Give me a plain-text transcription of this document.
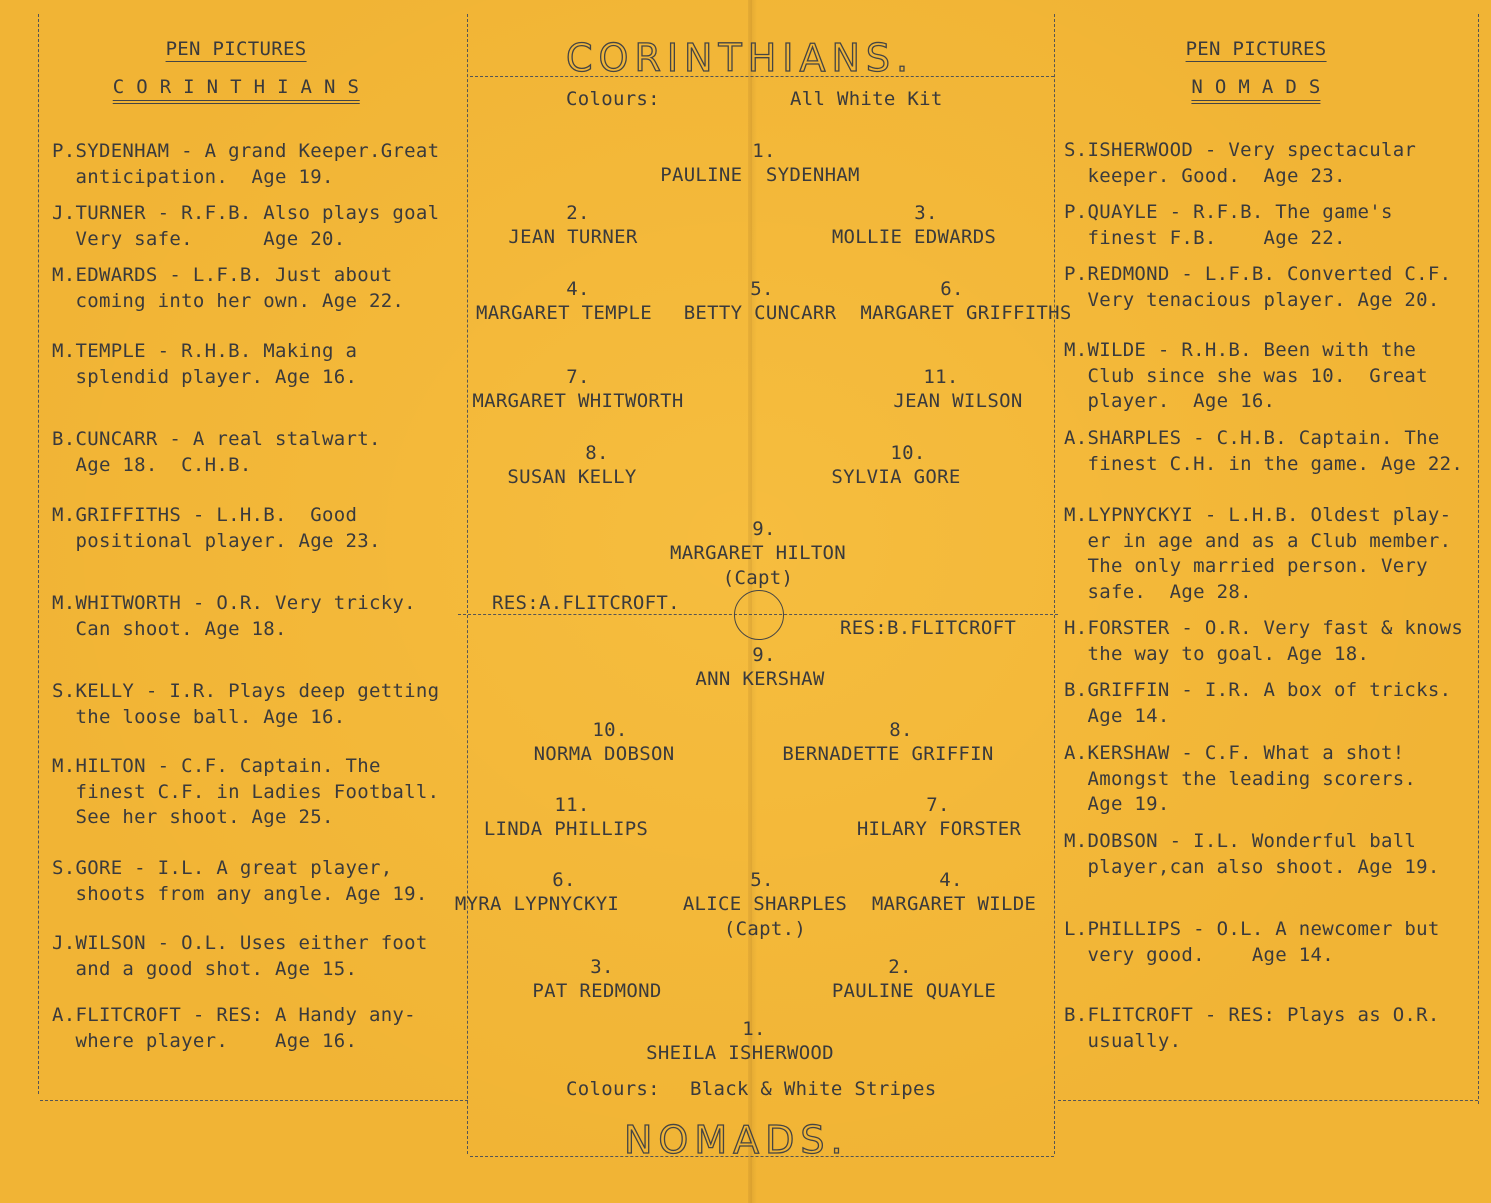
PEN PICTURES
C O R I N T H I A N S
P.SYDENHAM - A grand Keeper.Great
anticipation.  Age 19.
J.TURNER - R.F.B. Also plays goal
Very safe.      Age 20.
M.EDWARDS - L.F.B. Just about
coming into her own. Age 22.
M.TEMPLE - R.H.B. Making a
splendid player. Age 16.
B.CUNCARR - A real stalwart.
Age 18.  C.H.B.
M.GRIFFITHS - L.H.B.  Good
positional player. Age 23.
M.WHITWORTH - O.R. Very tricky.
Can shoot. Age 18.
S.KELLY - I.R. Plays deep getting
the loose ball. Age 16.
M.HILTON - C.F. Captain. The
finest C.F. in Ladies Football.
See her shoot. Age 25.
S.GORE - I.L. A great player,
shoots from any angle. Age 19.
J.WILSON - O.L. Uses either foot
and a good shot. Age 15.
A.FLITCROFT - RES: A Handy any-
where player.    Age 16.
PEN PICTURES
N O M A D S
S.ISHERWOOD - Very spectacular
keeper. Good.  Age 23.
P.QUAYLE - R.F.B. The game's
finest F.B.    Age 22.
P.REDMOND - L.F.B. Converted C.F.
Very tenacious player. Age 20.
M.WILDE - R.H.B. Been with the
Club since she was 10.  Great
player.  Age 16.
A.SHARPLES - C.H.B. Captain. The
finest C.H. in the game. Age 22.
M.LYPNYCKYI - L.H.B. Oldest play-
er in age and as a Club member.
The only married person. Very
safe.  Age 28.
H.FORSTER - O.R. Very fast & knows
the way to goal. Age 18.
B.GRIFFIN - I.R. A box of tricks.
Age 14.
A.KERSHAW - C.F. What a shot!
Amongst the leading scorers.
Age 19.
M.DOBSON - I.L. Wonderful ball
player,can also shoot. Age 19.
L.PHILLIPS - O.L. A newcomer but
very good.    Age 14.
B.FLITCROFT - RES: Plays as O.R.
usually.
CORINTHIANS.
Colours:	All White Kit
1.
PAULINE  SYDENHAM
2.
JEAN TURNER
3.
MOLLIE EDWARDS
4.
MARGARET TEMPLE
5.
BETTY CUNCARR
6.
MARGARET GRIFFITHS
7.
MARGARET WHITWORTH
11.
JEAN WILSON
8.
SUSAN KELLY
10.
SYLVIA GORE
9.
MARGARET HILTON
(Capt)
9.
ANN KERSHAW
10.
NORMA DOBSON
8.
BERNADETTE GRIFFIN
11.
LINDA PHILLIPS
7.
HILARY FORSTER
6.
MYRA LYPNYCKYI
5.
ALICE SHARPLES
(Capt.)
4.
MARGARET WILDE
3.
PAT REDMOND
2.
PAULINE QUAYLE
1.
SHEILA ISHERWOOD
RES:A.FLITCROFT.
RES:B.FLITCROFT
Colours: Black & White Stripes
NOMADS.
